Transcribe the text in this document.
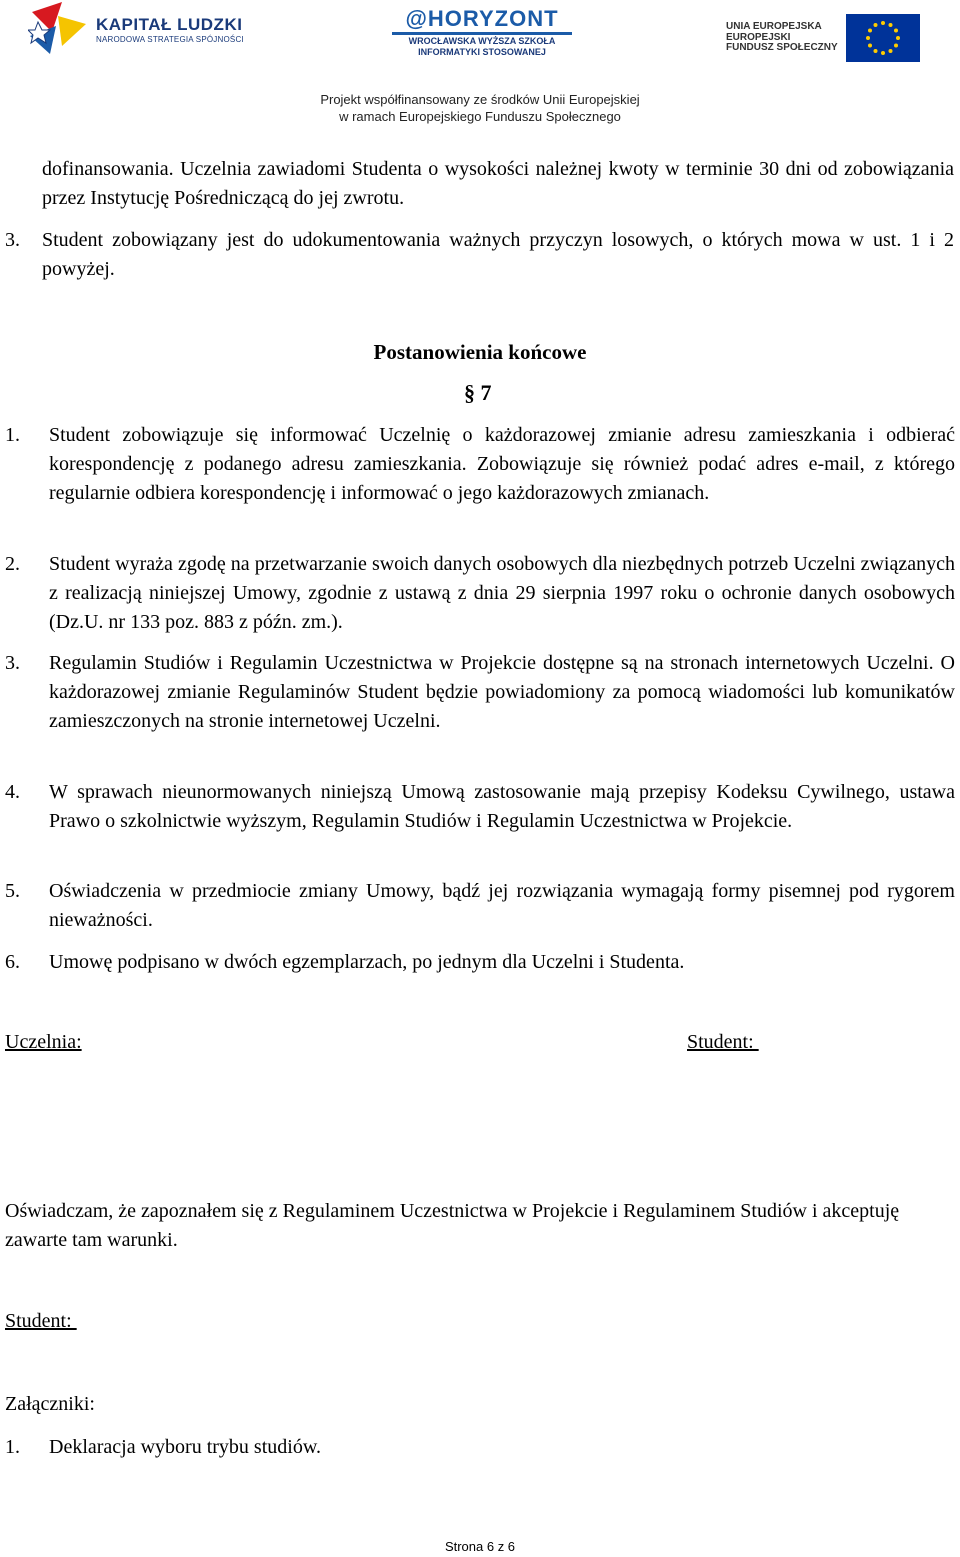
KAPITAŁ LUDZKI
NARODOWA STRATEGIA SPÓJNOŚCI
@HORYZONT
WROCŁAWSKA WYŻSZA SZKOŁA
INFORMATYKI STOSOWANEJ
UNIA EUROPEJSKA
EUROPEJSKI
FUNDUSZ SPOŁECZNY
Projekt współfinansowany ze środków Unii Europejskiej
w ramach Europejskiego Funduszu Społecznego
dofinansowania. Uczelnia zawiadomi Studenta o wysokości należnej kwoty w terminie 30 dni od zobowiązania przez Instytucję Pośredniczącą do jej zwrotu.
3. Student zobowiązany jest do udokumentowania ważnych przyczyn losowych, o których mowa w ust. 1 i 2 powyżej.
Postanowienia końcowe
§ 7
1. Student zobowiązuje się informować Uczelnię o każdorazowej zmianie adresu zamieszkania i odbierać korespondencję z podanego adresu zamieszkania. Zobowiązuje się również podać adres e-mail, z którego regularnie odbiera korespondencję i informować o jego każdorazowych zmianach.
2. Student wyraża zgodę na przetwarzanie swoich danych osobowych dla niezbędnych potrzeb Uczelni związanych z realizacją niniejszej Umowy, zgodnie z ustawą z dnia 29 sierpnia 1997 roku o ochronie danych osobowych (Dz.U. nr 133 poz. 883 z późn. zm.).
3. Regulamin Studiów i Regulamin Uczestnictwa w Projekcie dostępne są na stronach internetowych Uczelni. O każdorazowej zmianie Regulaminów Student będzie powiadomiony za pomocą wiadomości lub komunikatów zamieszczonych na stronie internetowej Uczelni.
4. W sprawach nieunormowanych niniejszą Umową zastosowanie mają przepisy Kodeksu Cywilnego, ustawa Prawo o szkolnictwie wyższym, Regulamin Studiów i Regulamin Uczestnictwa w Projekcie.
5. Oświadczenia w przedmiocie zmiany Umowy, bądź jej rozwiązania wymagają formy pisemnej pod rygorem nieważności.
6. Umowę podpisano w dwóch egzemplarzach, po jednym dla Uczelni i Studenta.
Uczelnia:	Student:
Oświadczam, że zapoznałem się z Regulaminem Uczestnictwa w Projekcie i Regulaminem Studiów i akceptuję zawarte tam warunki.
Student:
Załączniki:
1. Deklaracja wyboru trybu studiów.
Strona 6 z 6
